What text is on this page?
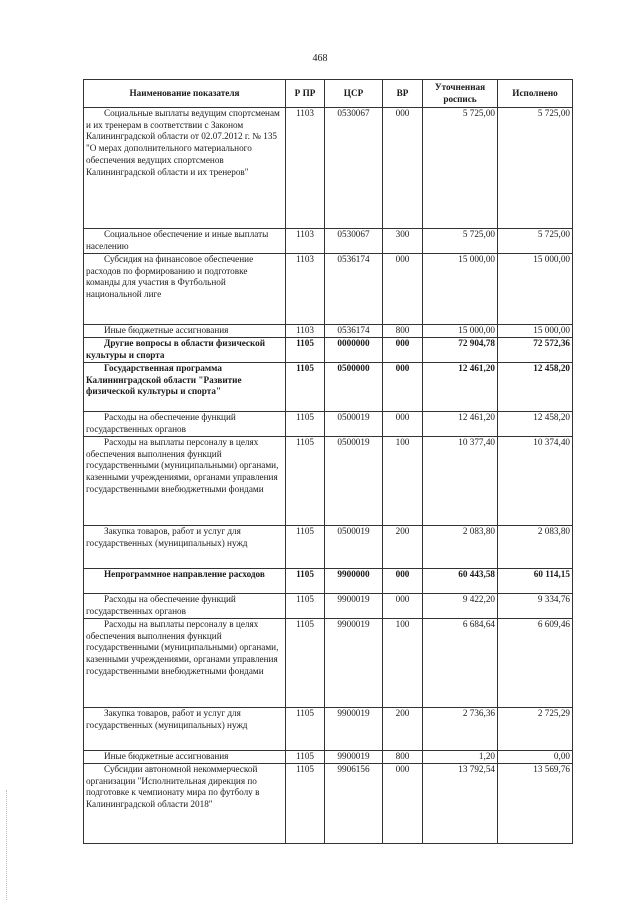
468
Наименование показателя	Р ПР	ЦСР	ВР	Уточненная роспись	Исполнено
Социальные выплаты ведущим спортсменам и их тренерам в соответствии с Законом Калининградской области от 02.07.2012 г. № 135 "О мерах дополнительного материального обеспечения ведущих спортсменов Калининградской области и их тренеров"	1103	0530067	000	5 725,00	5 725,00
Социальное обеспечение и иные выплаты населению	1103	0530067	300	5 725,00	5 725,00
Субсидия на финансовое обеспечение расходов по формированию и подготовке команды для участия в Футбольной национальной лиге	1103	0536174	000	15 000,00	15 000,00
Иные бюджетные ассигнования	1103	0536174	800	15 000,00	15 000,00
Другие вопросы в области физической культуры и спорта	1105	0000000	000	72 904,78	72 572,36
Государственная программа Калининградской области "Развитие физической культуры и спорта"	1105	0500000	000	12 461,20	12 458,20
Расходы на обеспечение функций государственных органов	1105	0500019	000	12 461,20	12 458,20
Расходы на выплаты персоналу в целях обеспечения выполнения функций государственными (муниципальными) органами, казенными учреждениями, органами управления государственными внебюджетными фондами	1105	0500019	100	10 377,40	10 374,40
Закупка товаров, работ и услуг для государственных (муниципальных) нужд	1105	0500019	200	2 083,80	2 083,80
Непрограммное направление расходов	1105	9900000	000	60 443,58	60 114,15
Расходы на обеспечение функций государственных органов	1105	9900019	000	9 422,20	9 334,76
Расходы на выплаты персоналу в целях обеспечения выполнения функций государственными (муниципальными) органами, казенными учреждениями, органами управления государственными внебюджетными фондами	1105	9900019	100	6 684,64	6 609,46
Закупка товаров, работ и услуг для государственных (муниципальных) нужд	1105	9900019	200	2 736,36	2 725,29
Иные бюджетные ассигнования	1105	9900019	800	1,20	0,00
Субсидии автономной некоммерческой организации "Исполнительная дирекция по подготовке к чемпионату мира по футболу в Калининградской области 2018"	1105	9906156	000	13 792,54	13 569,76
